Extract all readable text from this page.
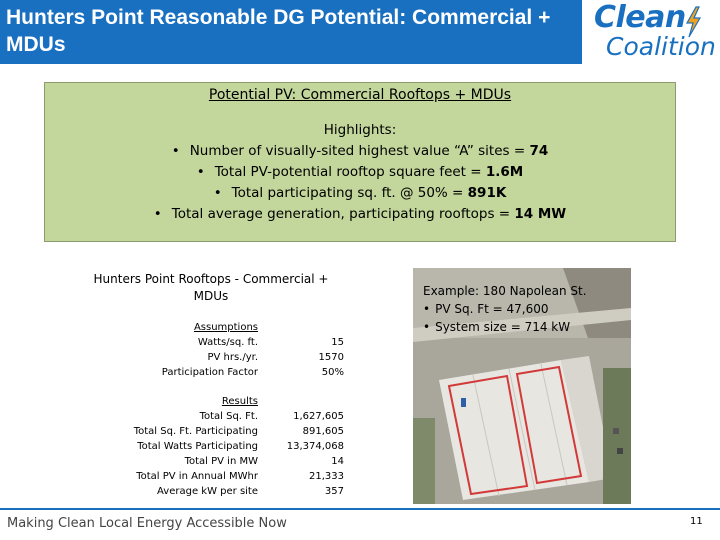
Hunters Point Reasonable DG Potential: Commercial + MDUs
Clean
Coalition
Potential PV: Commercial Rooftops + MDUs
Highlights:
• Number of visually-sited highest value “A” sites = 74
• Total PV-potential rooftop square feet = 1.6M
• Total participating sq. ft. @ 50% = 891K
• Total average generation, participating rooftops = 14 MW
Hunters Point Rooftops - Commercial + MDUs
Assumptions
Watts/sq. ft.	15
PV hrs./yr.	1570
Participation Factor	50%
Results
Total Sq. Ft.	1,627,605
Total Sq. Ft. Participating	891,605
Total Watts Participating	13,374,068
Total PV in MW	14
Total PV in Annual MWhr	21,333
Average kW per site	357
Example: 180 Napolean St.
• PV Sq. Ft = 47,600
• System size = 714 kW
Making Clean Local Energy Accessible Now	11
